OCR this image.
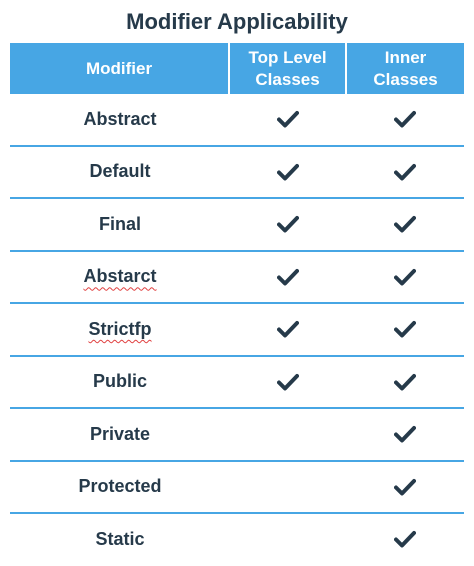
Modifier Applicability
Modifier
Top Level
Classes
Inner
Classes
Abstract
Default
Final
Abstarct
Strictfp
Public
Private
Protected
Static
